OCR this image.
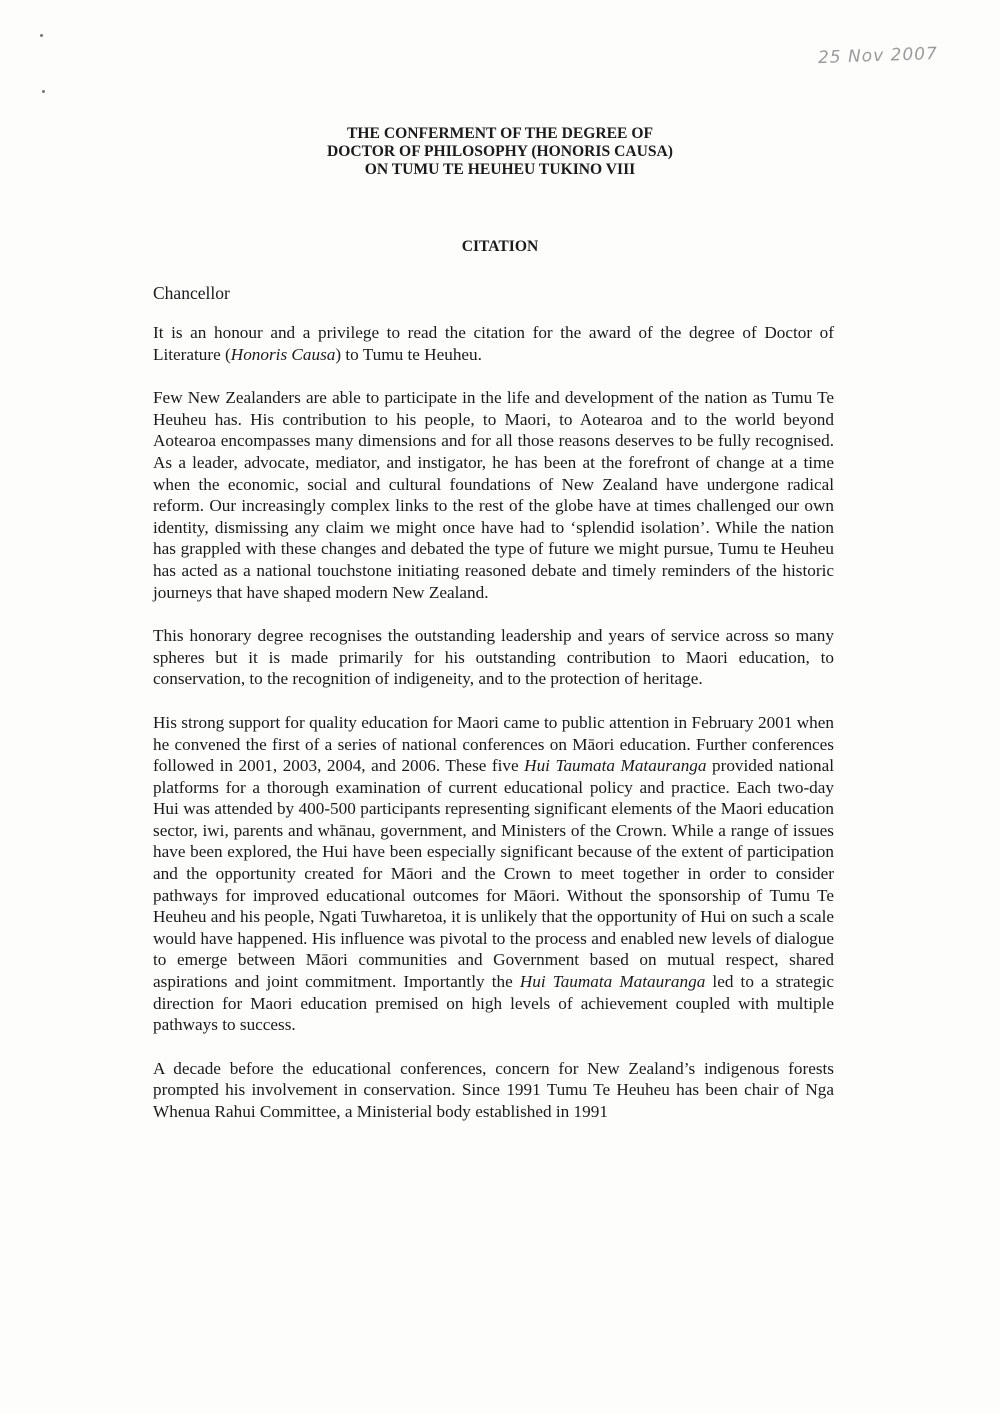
25 Nov 2007
THE CONFERMENT OF THE DEGREE OF
DOCTOR OF PHILOSOPHY (HONORIS CAUSA)
ON TUMU TE HEUHEU TUKINO VIII
CITATION
Chancellor

It is an honour and a privilege to read the citation for the award of the degree of Doctor of Literature (Honoris Causa) to Tumu te Heuheu.

Few New Zealanders are able to participate in the life and development of the nation as Tumu Te Heuheu has. His contribution to his people, to Maori, to Aotearoa and to the world beyond Aotearoa encompasses many dimensions and for all those reasons deserves to be fully recognised. As a leader, advocate, mediator, and instigator, he has been at the forefront of change at a time when the economic, social and cultural foundations of New Zealand have undergone radical reform. Our increasingly complex links to the rest of the globe have at times challenged our own identity, dismissing any claim we might once have had to ‘splendid isolation’. While the nation has grappled with these changes and debated the type of future we might pursue, Tumu te Heuheu has acted as a national touchstone initiating reasoned debate and timely reminders of the historic journeys that have shaped modern New Zealand.

This honorary degree recognises the outstanding leadership and years of service across so many spheres but it is made primarily for his outstanding contribution to Maori education, to conservation, to the recognition of indigeneity, and to the protection of heritage.

His strong support for quality education for Maori came to public attention in February 2001 when he convened the first of a series of national conferences on Māori education. Further conferences followed in 2001, 2003, 2004, and 2006. These five Hui Taumata Matauranga provided national platforms for a thorough examination of current educational policy and practice. Each two-day Hui was attended by 400-500 participants representing significant elements of the Maori education sector, iwi, parents and whānau, government, and Ministers of the Crown. While a range of issues have been explored, the Hui have been especially significant because of the extent of participation and the opportunity created for Māori and the Crown to meet together in order to consider pathways for improved educational outcomes for Māori. Without the sponsorship of Tumu Te Heuheu and his people, Ngati Tuwharetoa, it is unlikely that the opportunity of Hui on such a scale would have happened. His influence was pivotal to the process and enabled new levels of dialogue to emerge between Māori communities and Government based on mutual respect, shared aspirations and joint commitment. Importantly the Hui Taumata Matauranga led to a strategic direction for Maori education premised on high levels of achievement coupled with multiple pathways to success.

A decade before the educational conferences, concern for New Zealand’s indigenous forests prompted his involvement in conservation. Since 1991 Tumu Te Heuheu has been chair of Nga Whenua Rahui Committee, a Ministerial body established in 1991
